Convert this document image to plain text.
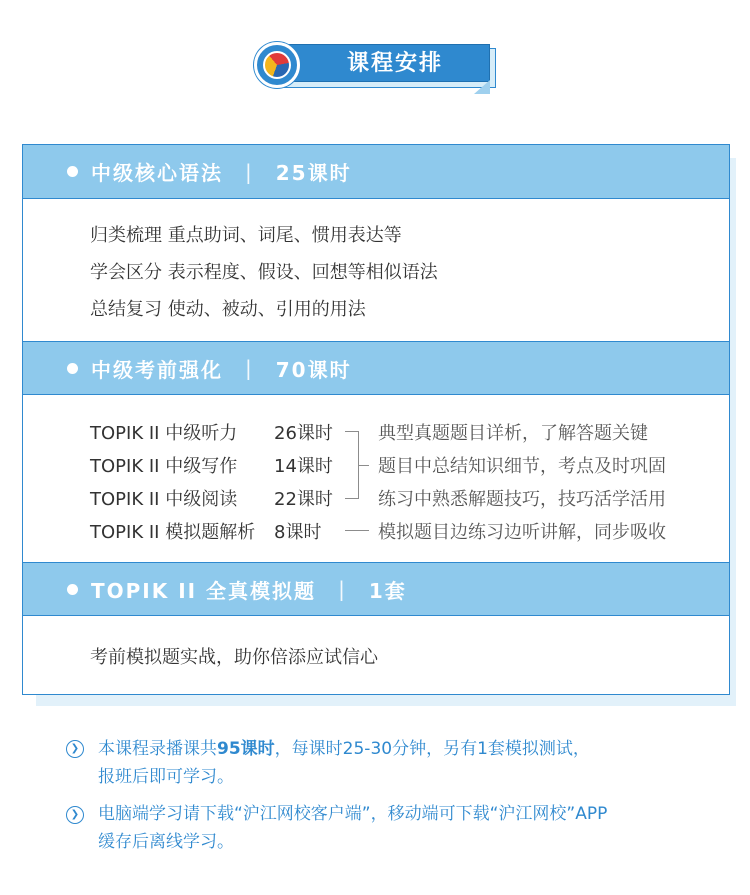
课程安排
中级核心语法 | 25课时
归类梳理 重点助词、词尾、惯用表达等
学会区分 表示程度、假设、回想等相似语法
总结复习 使动、被动、引用的用法
中级考前强化 | 70课时
TOPIK II 中级听力 26课时
TOPIK II 中级写作 14课时
TOPIK II 中级阅读 22课时
TOPIK II 模拟题解析 8课时
典型真题题目详析，了解答题关键
题目中总结知识细节，考点及时巩固
练习中熟悉解题技巧，技巧活学活用
模拟题目边练习边听讲解，同步吸收
TOPIK II 全真模拟题 | 1套
考前模拟题实战，助你倍添应试信心
❯ 本课程录播课共95课时，每课时25-30分钟，另有1套模拟测试，
报班后即可学习。
❯ 电脑端学习请下载“沪江网校客户端”，移动端可下载“沪江网校”APP
缓存后离线学习。
